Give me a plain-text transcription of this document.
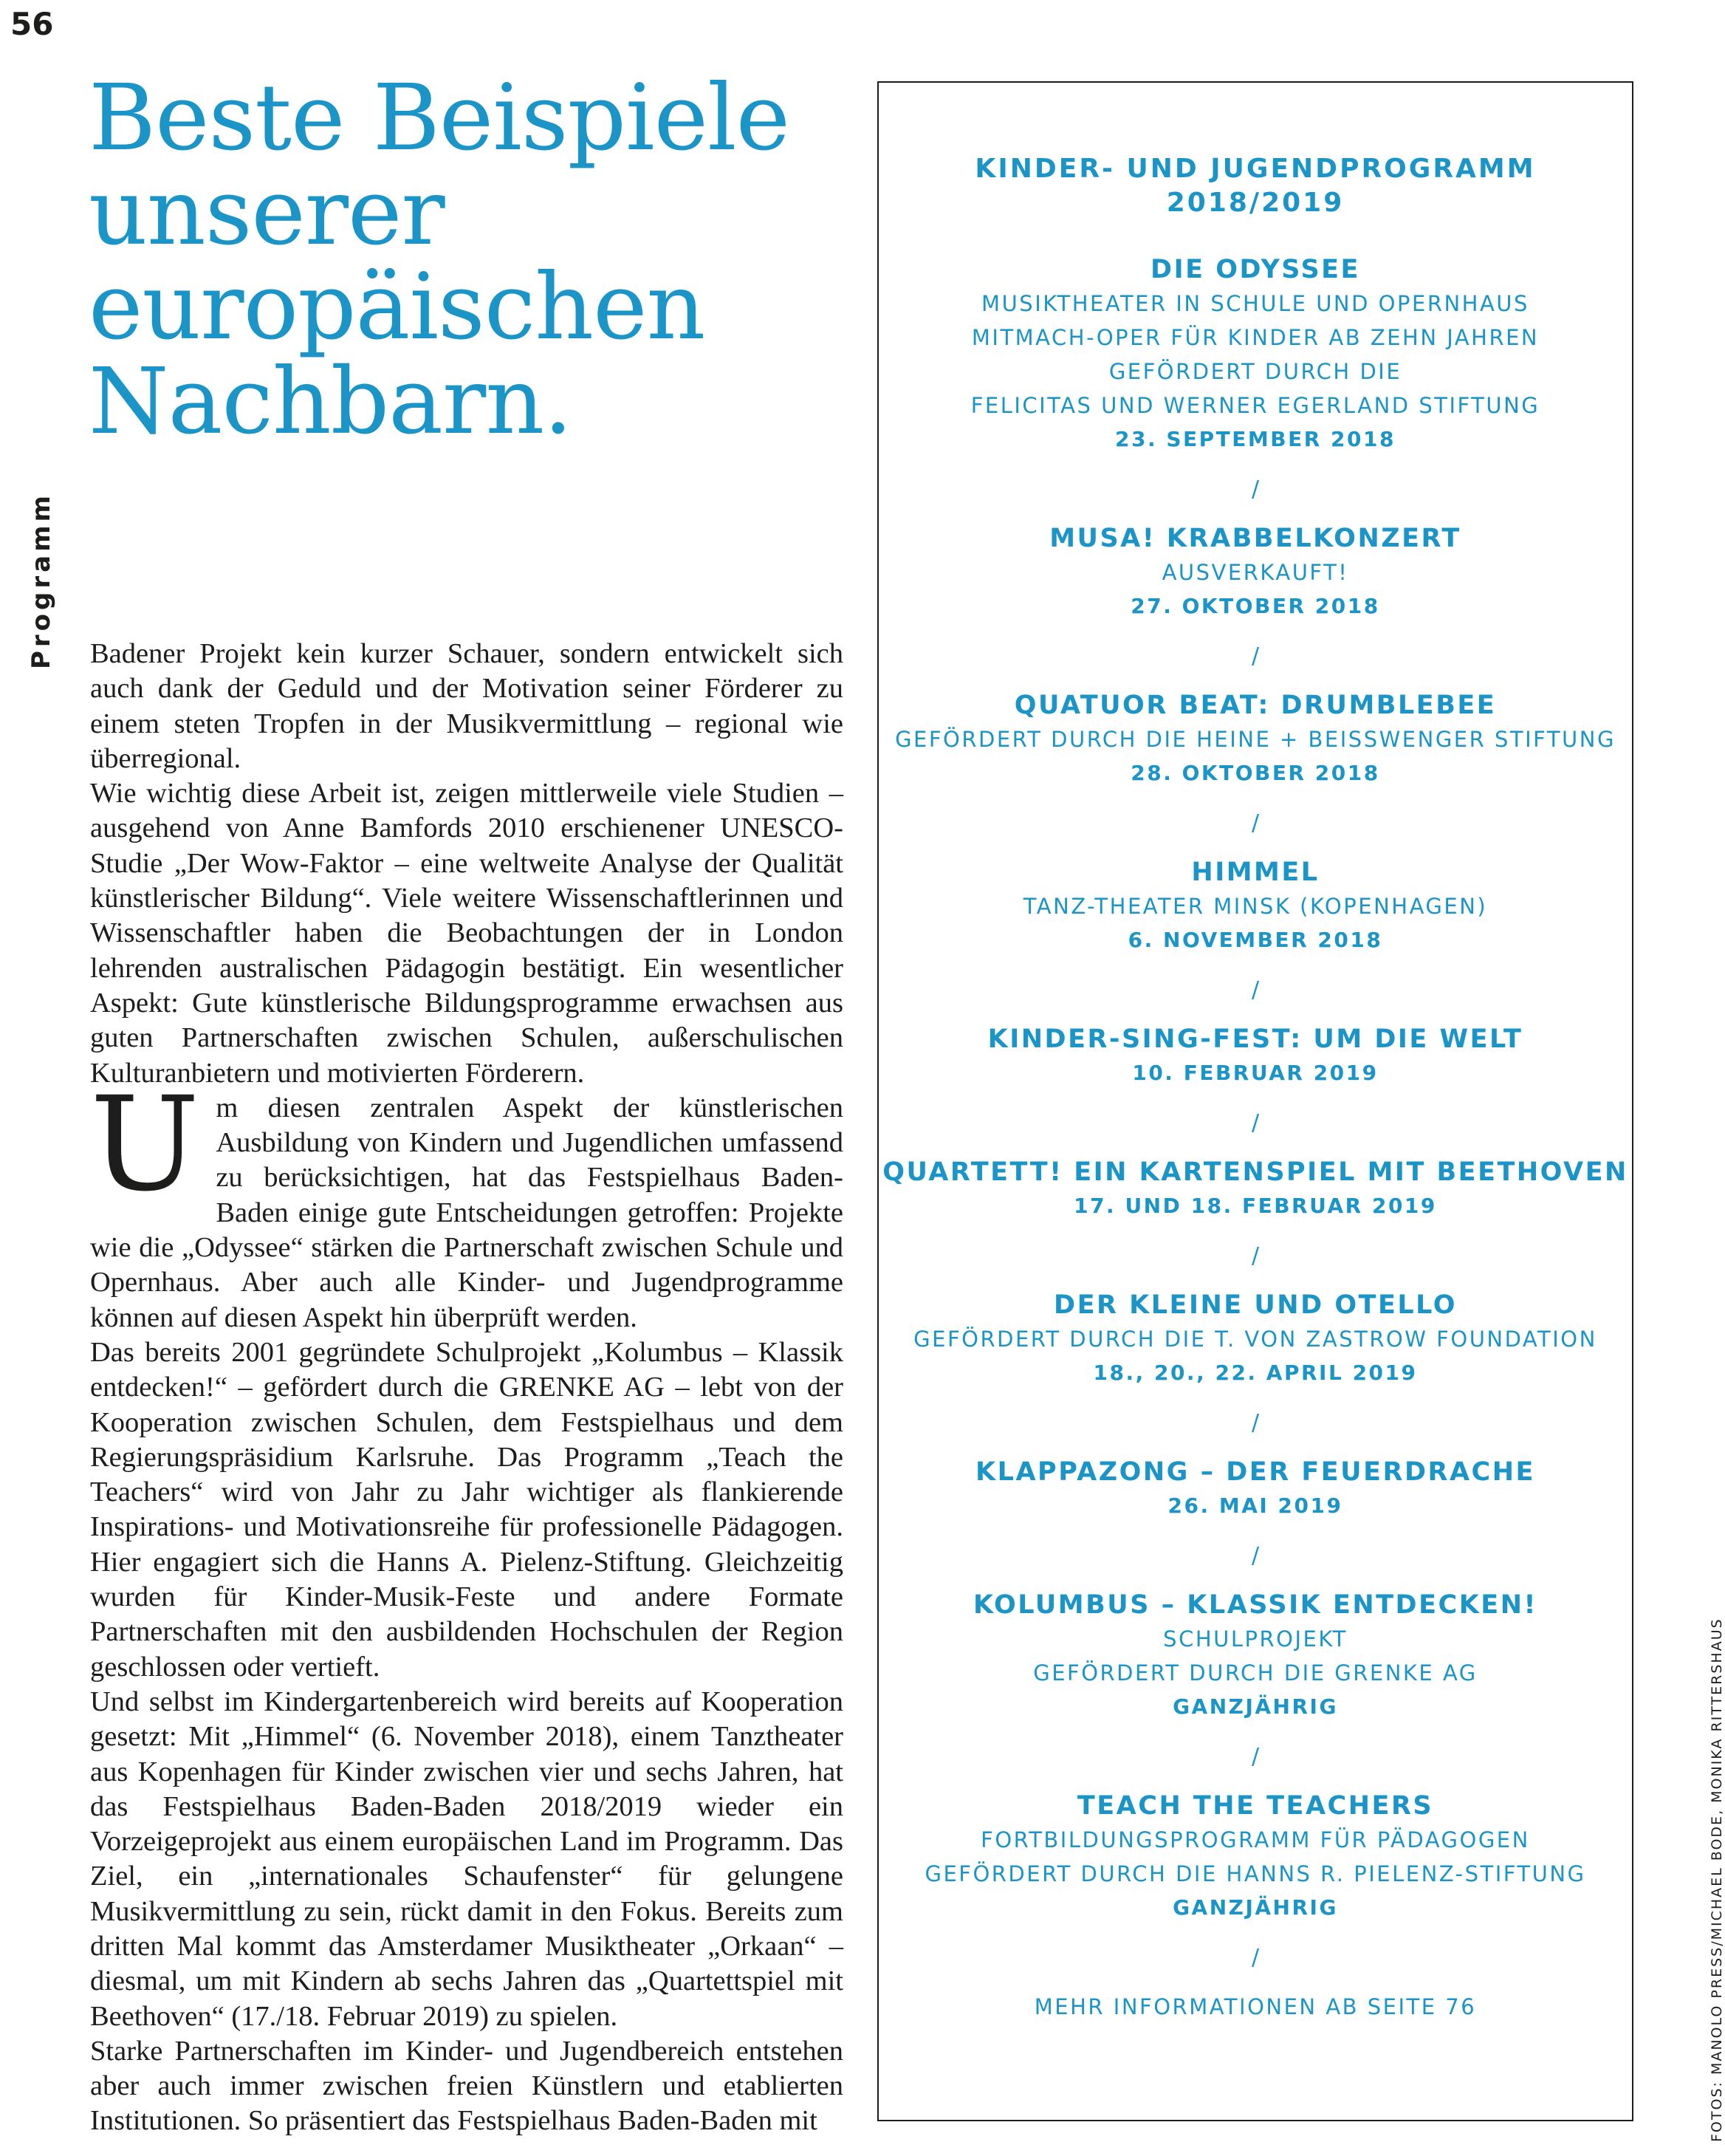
56
Programm
FOTOS: MANOLO PRESS/MICHAEL BODE, MONIKA RITTERSHAUS
Beste Beispiele
unserer
europäischen
Nachbarn.

Badener Projekt kein kurzer Schauer, sondern entwickelt sich auch dank der Geduld und der Motivation seiner Förderer zu einem steten Tropfen in der Musikvermittlung – regional wie überregional.

Wie wichtig diese Arbeit ist, zeigen mittlerweile viele Studien – ausgehend von Anne Bamfords 2010 erschienener UNESCO-Studie „Der Wow-Faktor – eine weltweite Analyse der Qualität künstlerischer Bildung“. Viele weitere Wissenschaftlerinnen und Wissenschaftler haben die Beobachtungen der in London lehrenden australischen Pädagogin bestätigt. Ein wesentlicher Aspekt: Gute künstlerische Bildungsprogramme erwachsen aus guten Partnerschaften zwischen Schulen, außerschulischen Kulturanbietern und motivierten Förderern.

Um diesen zentralen Aspekt der künstlerischen Ausbildung von Kindern und Jugendlichen umfassend zu berücksichtigen, hat das Festspielhaus Baden-Baden einige gute Entscheidungen getroffen: Projekte wie die „Odyssee“ stärken die Partnerschaft zwischen Schule und Opernhaus. Aber auch alle Kinder- und Jugendprogramme können auf diesen Aspekt hin überprüft werden.

Das bereits 2001 gegründete Schulprojekt „Kolumbus – Klassik entdecken!“ – gefördert durch die GRENKE AG – lebt von der Kooperation zwischen Schulen, dem Festspielhaus und dem Regierungspräsidium Karlsruhe. Das Programm „Teach the Teachers“ wird von Jahr zu Jahr wichtiger als flankierende Inspirations- und Motivationsreihe für professionelle Pädagogen. Hier engagiert sich die Hanns A. Pielenz-Stiftung. Gleichzeitig wurden für Kinder-Musik-Feste und andere Formate Partnerschaften mit den ausbildenden Hochschulen der Region geschlossen oder vertieft.

Und selbst im Kindergartenbereich wird bereits auf Kooperation gesetzt: Mit „Himmel“ (6. November 2018), einem Tanztheater aus Kopenhagen für Kinder zwischen vier und sechs Jahren, hat das Festspielhaus Baden-Baden 2018/2019 wieder ein Vorzeigeprojekt aus einem europäischen Land im Programm. Das Ziel, ein „internationales Schaufenster“ für gelungene Musikvermittlung zu sein, rückt damit in den Fokus. Bereits zum dritten Mal kommt das Amsterdamer Musiktheater „Orkaan“ – diesmal, um mit Kindern ab sechs Jahren das „Quartettspiel mit Beethoven“ (17./18. Februar 2019) zu spielen.

Starke Partnerschaften im Kinder- und Jugendbereich entstehen aber auch immer zwischen freien Künstlern und etablierten Institutionen. So präsentiert das Festspielhaus Baden-Baden mit

KINDER- UND JUGENDPROGRAMM
2018/2019
DIE ODYSSEE
MUSIKTHEATER IN SCHULE UND OPERNHAUS
MITMACH-OPER FÜR KINDER AB ZEHN JAHREN
GEFÖRDERT DURCH DIE
FELICITAS UND WERNER EGERLAND STIFTUNG
23. SEPTEMBER 2018
/
MUSA! KRABBELKONZERT
AUSVERKAUFT!
27. OKTOBER 2018
/
QUATUOR BEAT: DRUMBLEBEE
GEFÖRDERT DURCH DIE HEINE + BEISSWENGER STIFTUNG
28. OKTOBER 2018
/
HIMMEL
TANZ-THEATER MINSK (KOPENHAGEN)
6. NOVEMBER 2018
/
KINDER-SING-FEST: UM DIE WELT
10. FEBRUAR 2019
/
QUARTETT! EIN KARTENSPIEL MIT BEETHOVEN
17. UND 18. FEBRUAR 2019
/
DER KLEINE UND OTELLO
GEFÖRDERT DURCH DIE T. VON ZASTROW FOUNDATION
18., 20., 22. APRIL 2019
/
KLAPPAZONG – DER FEUERDRACHE
26. MAI 2019
/
KOLUMBUS – KLASSIK ENTDECKEN!
SCHULPROJEKT
GEFÖRDERT DURCH DIE GRENKE AG
GANZJÄHRIG
/
TEACH THE TEACHERS
FORTBILDUNGSPROGRAMM FÜR PÄDAGOGEN
GEFÖRDERT DURCH DIE HANNS R. PIELENZ-STIFTUNG
GANZJÄHRIG
/
MEHR INFORMATIONEN AB SEITE 76
